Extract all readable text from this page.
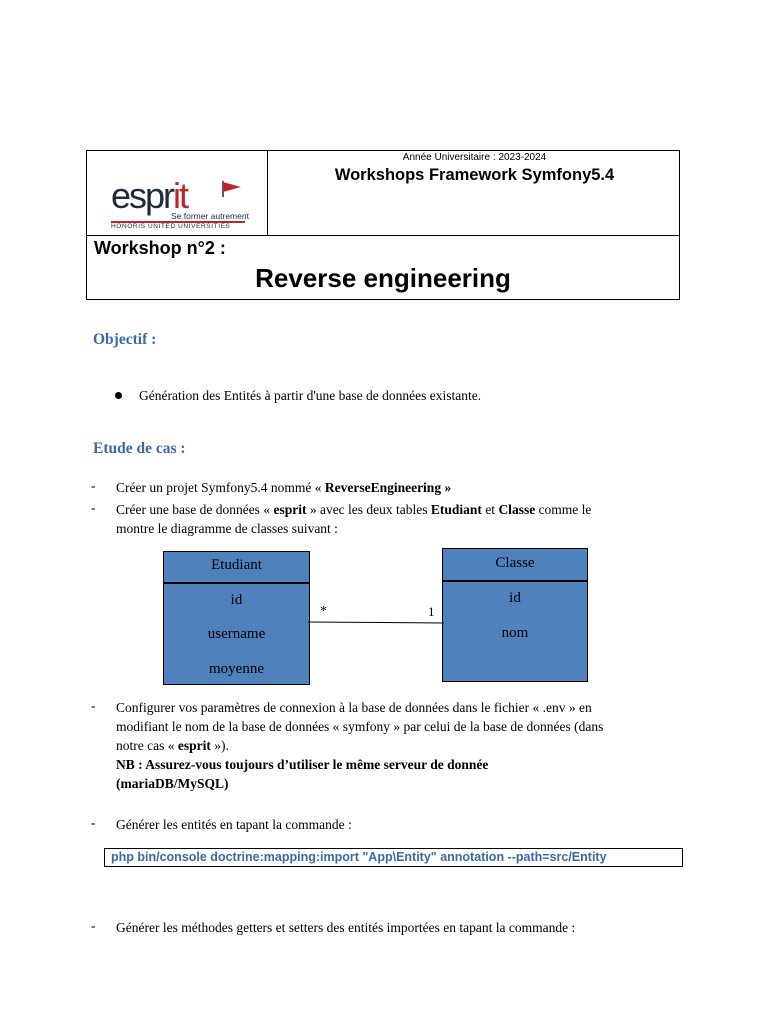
esprit
Se former autrement
HONORIS UNITED UNIVERSITIES
Année Universitaire : 2023-2024
Workshops Framework Symfony5.4
Workshop n°2 :
Reverse engineering
Objectif :
Génération des Entités à partir d'une base de données existante.
Etude de cas :
- Créer un projet Symfony5.4 nommé « ReverseEngineering »
- Créer une base de données « esprit » avec les deux tables Etudiant et Classe comme le
montre le diagramme de classes suivant :
Etudiant
id
username
moyenne
Classe
id
nom
*	1
- Configurer vos paramètres de connexion à la base de données dans le fichier « .env » en
modifiant le nom de la base de données « symfony » par celui de la base de données (dans
notre cas « esprit »).
NB : Assurez-vous toujours d’utiliser le même serveur de donnée
(mariaDB/MySQL)
- Générer les entités en tapant la commande :
php bin/console doctrine:mapping:import "App\Entity" annotation --path=src/Entity
- Générer les méthodes getters et setters des entités importées en tapant la commande :
